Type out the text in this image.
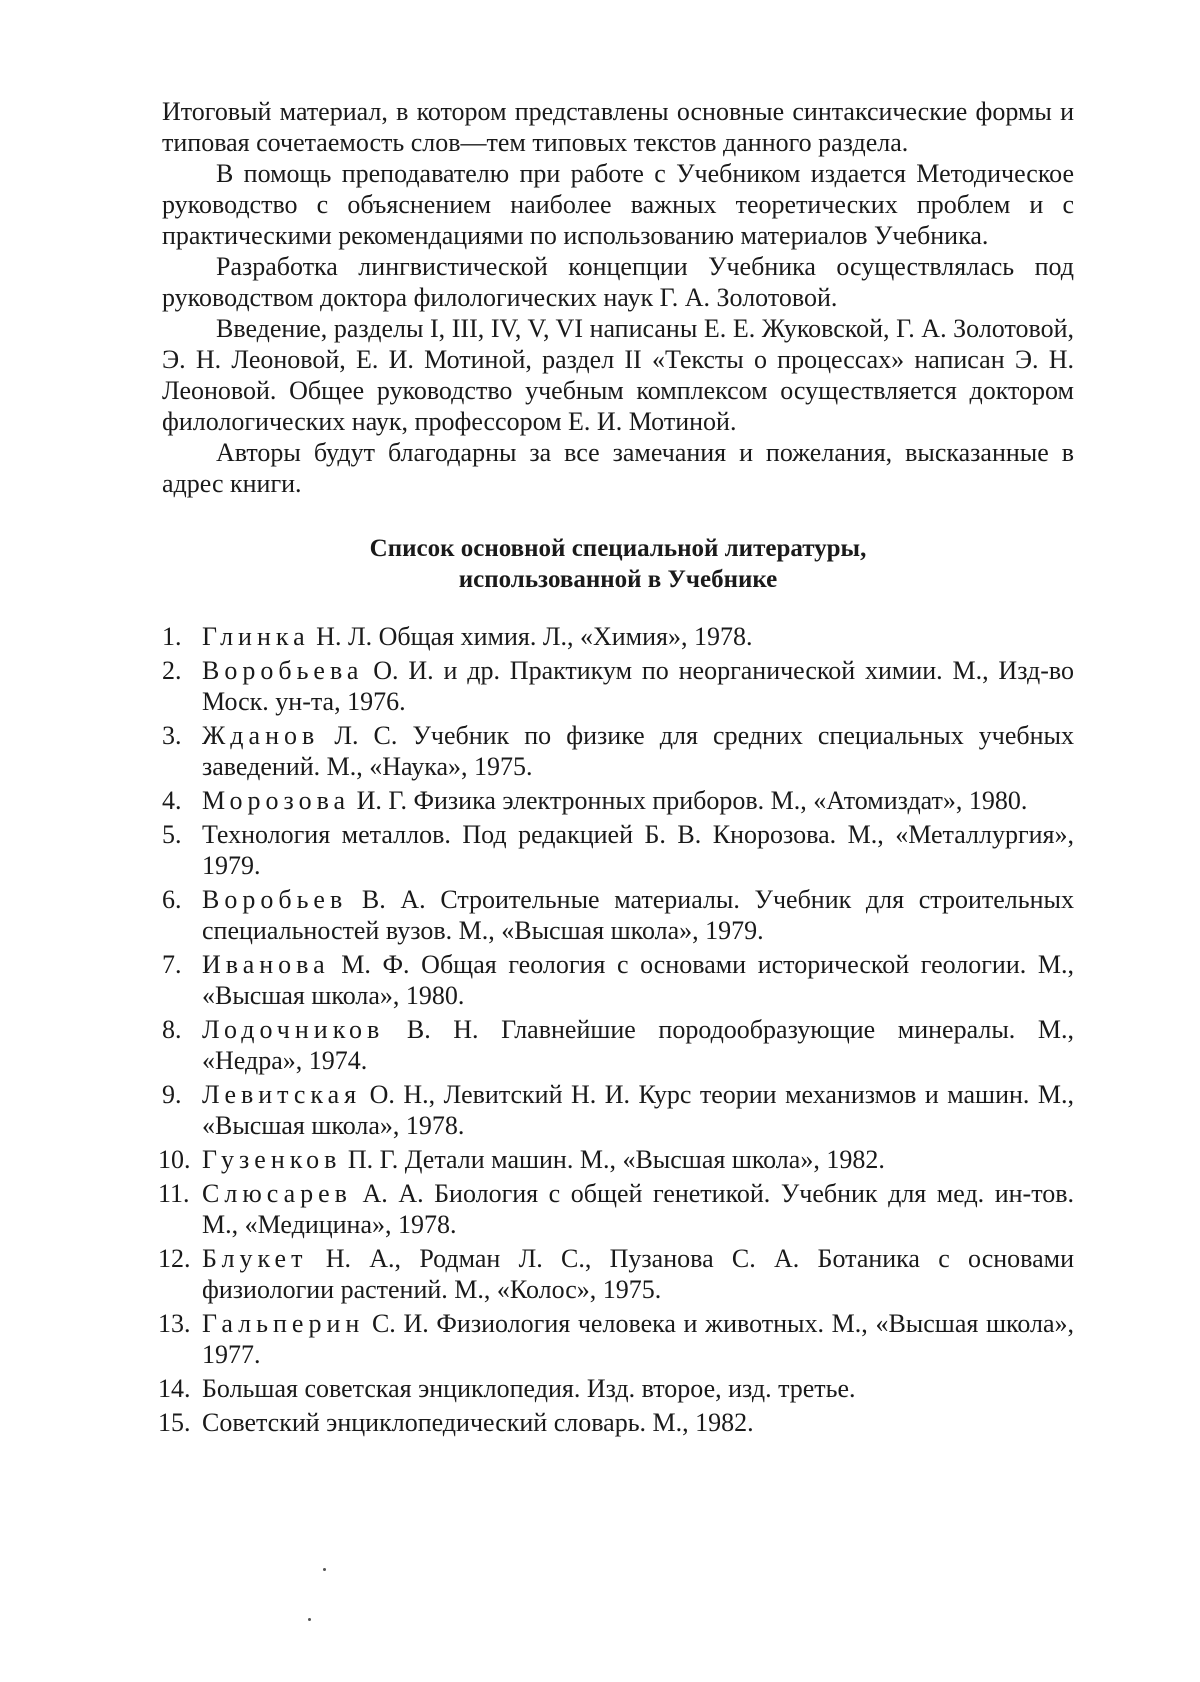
Итоговый материал, в котором представлены основные синтаксические формы и типовая сочетаемость слов—тем типовых текстов данного раздела.

В помощь преподавателю при работе с Учебником издается Методическое руководство с объяснением наиболее важных теоретических проблем и с практическими рекомендациями по использованию материалов Учебника.

Разработка лингвистической концепции Учебника осуществлялась под руководством доктора филологических наук Г. А. Золотовой.

Введение, разделы I, III, IV, V, VI написаны Е. Е. Жуковской, Г. А. Золотовой, Э. Н. Леоновой, Е. И. Мотиной, раздел II «Тексты о процессах» написан Э. Н. Леоновой. Общее руководство учебным комплексом осуществляется доктором филологических наук, профессором Е. И. Мотиной.

Авторы будут благодарны за все замечания и пожелания, высказанные в адрес книги.

Список основной специальной литературы,
использованной в Учебнике
1. Глинка Н. Л. Общая химия. Л., «Химия», 1978.
2. Воробьева О. И. и др. Практикум по неорганической химии. М., Изд-во Моск. ун-та, 1976.
3. Жданов Л. С. Учебник по физике для средних специальных учебных заведений. М., «Наука», 1975.
4. Морозова И. Г. Физика электронных приборов. М., «Атомиздат», 1980.
5. Технология металлов. Под редакцией Б. В. Кнорозова. М., «Металлургия», 1979.
6. Воробьев В. А. Строительные материалы. Учебник для строительных специальностей вузов. М., «Высшая школа», 1979.
7. Иванова М. Ф. Общая геология с основами исторической геологии. М., «Высшая школа», 1980.
8. Лодочников В. Н. Главнейшие породообразующие минералы. М., «Недра», 1974.
9. Левитская О. Н., Левитский Н. И. Курс теории механизмов и машин. М., «Высшая школа», 1978.
10. Гузенков П. Г. Детали машин. М., «Высшая школа», 1982.
11. Слюсарев А. А. Биология с общей генетикой. Учебник для мед. ин-тов. М., «Медицина», 1978.
12. Блукет Н. А., Родман Л. С., Пузанова С. А. Ботаника с основами физиологии растений. М., «Колос», 1975.
13. Гальперин С. И. Физиология человека и животных. М., «Высшая школа», 1977.
14. Большая советская энциклопедия. Изд. второе, изд. третье.
15. Советский энциклопедический словарь. М., 1982.
